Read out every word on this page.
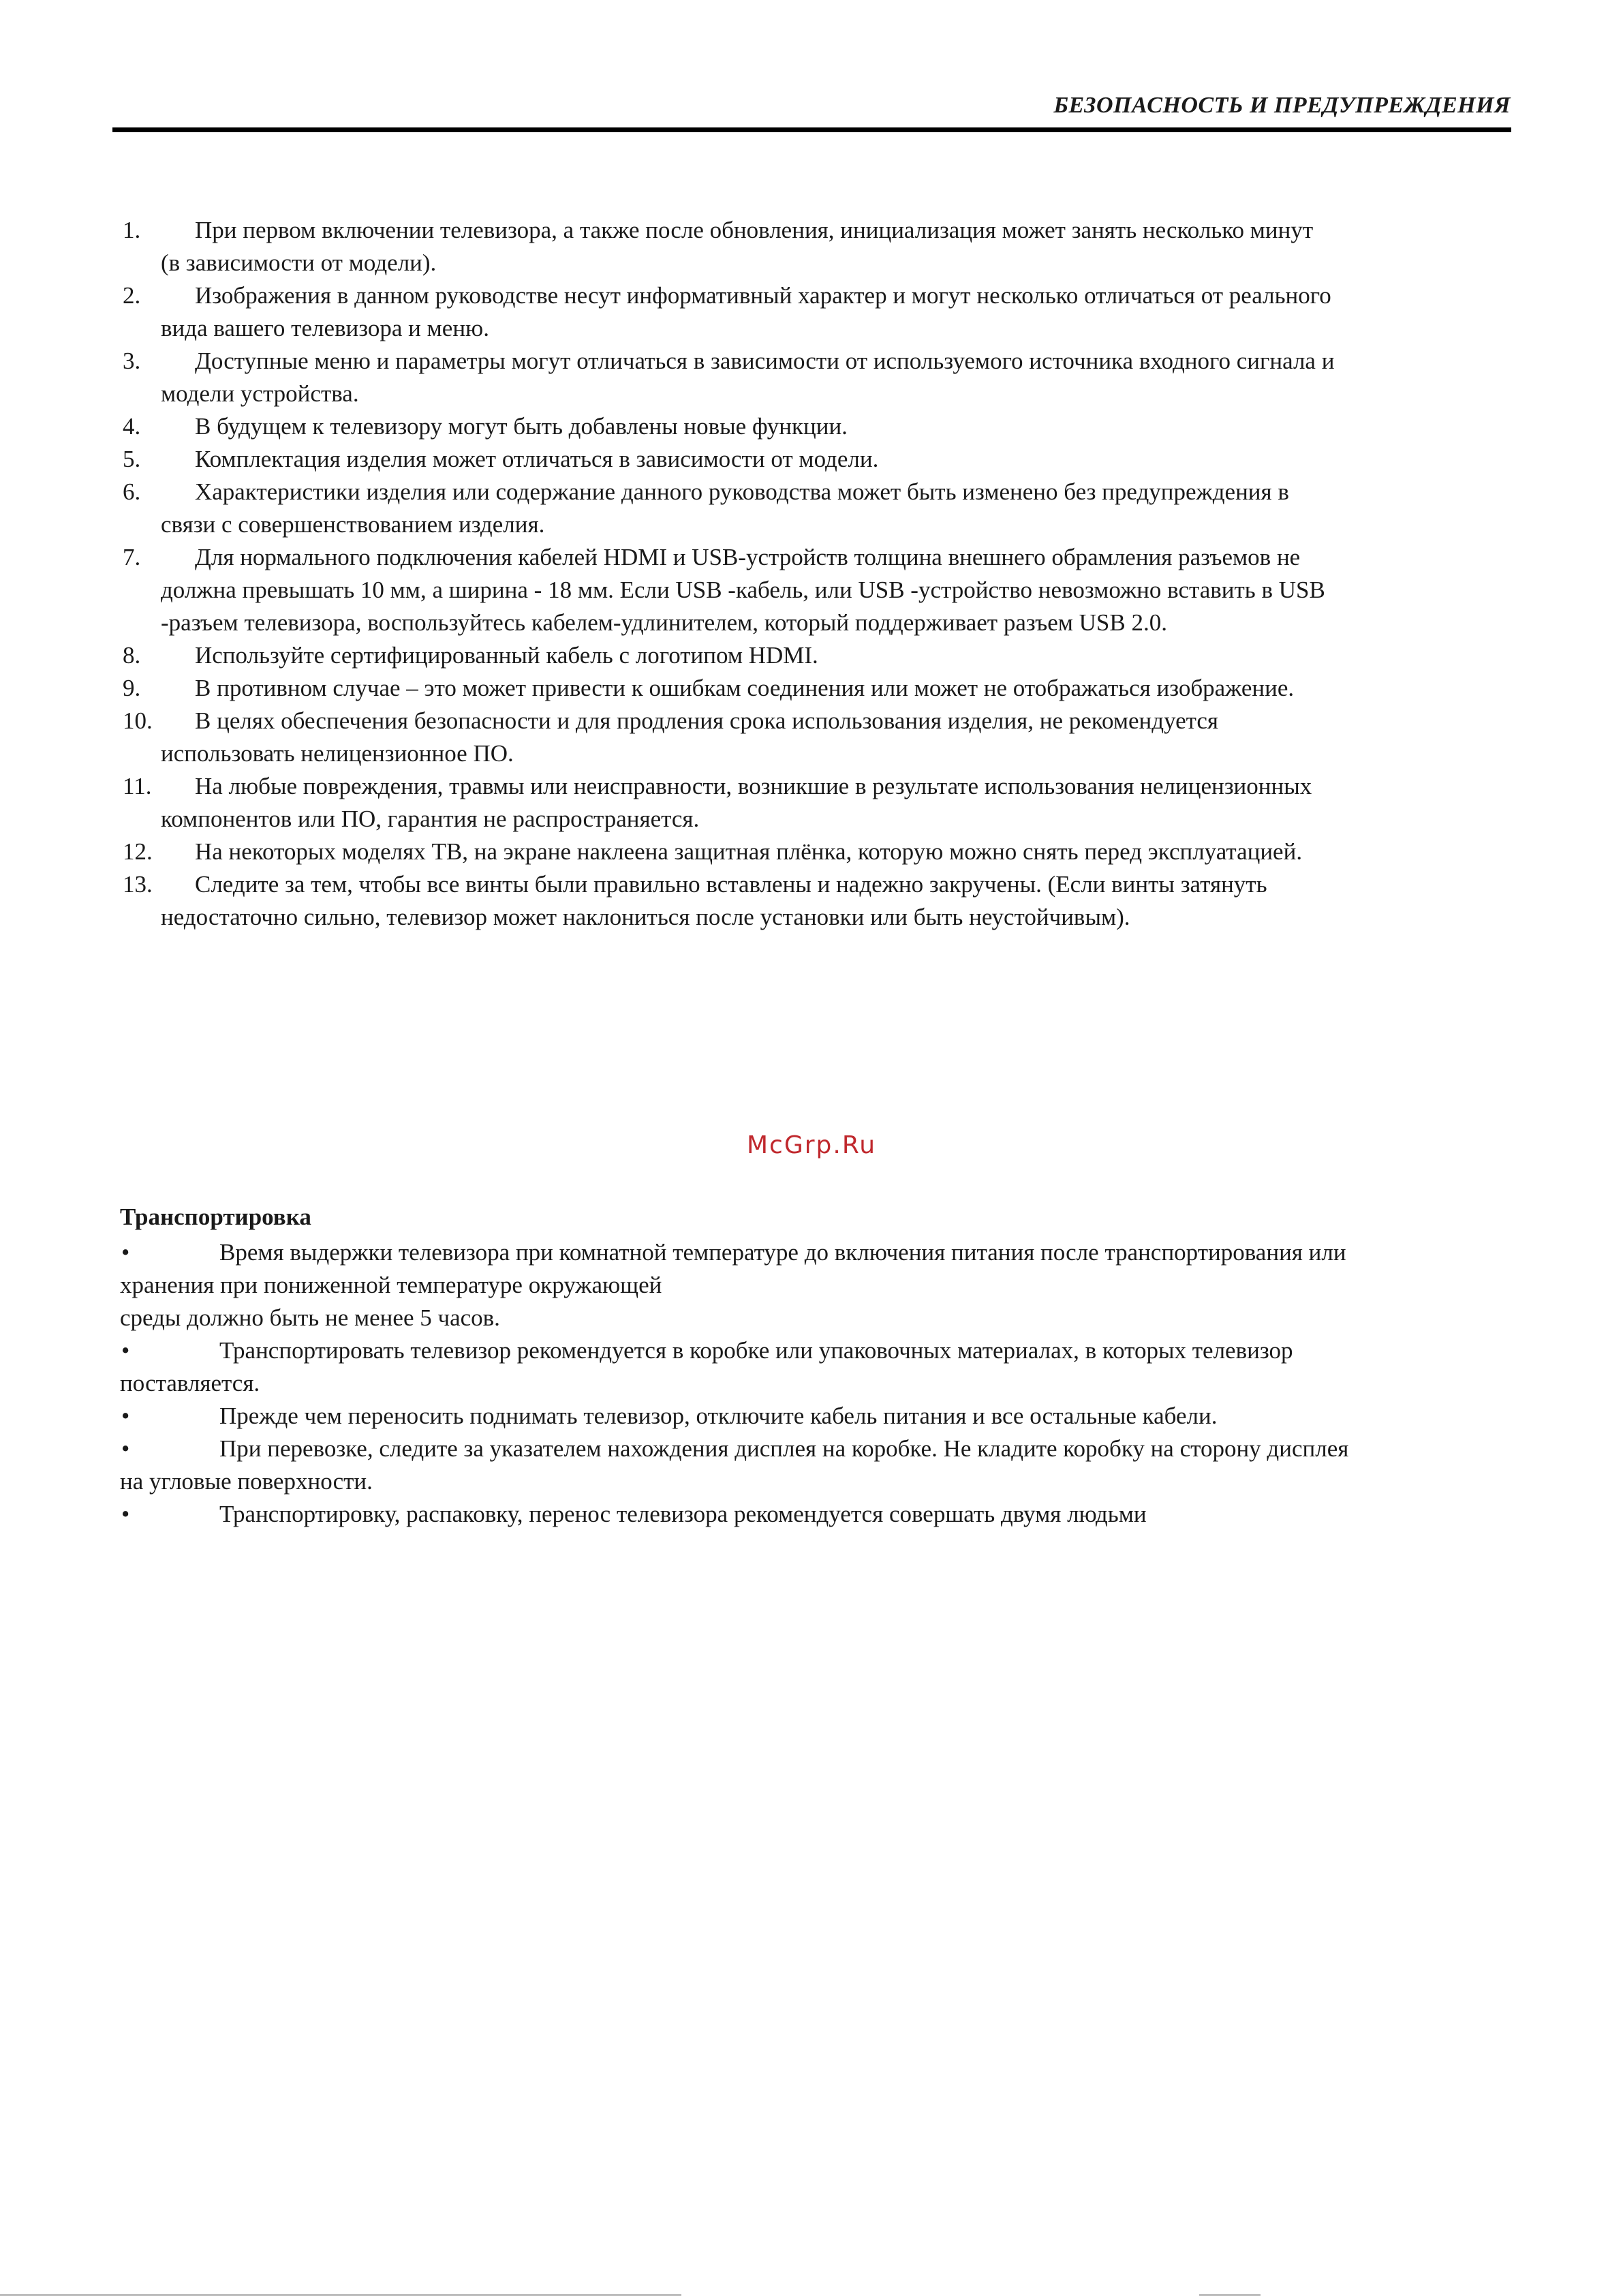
БЕЗОПАСНОСТЬ И ПРЕДУПРЕЖДЕНИЯ
1.	При первом включении телевизора, а также после обновления, инициализация может занять несколько минут
(в зависимости от модели).
2.	Изображения в данном руководстве несут информативный характер и могут несколько отличаться от реального
вида вашего телевизора и меню.
3.	Доступные меню и параметры могут отличаться в зависимости от используемого источника входного сигнала и
модели устройства.
4.	В будущем к телевизору могут быть добавлены новые функции.
5.	Комплектация изделия может отличаться в зависимости от модели.
6.	Характеристики изделия или содержание данного руководства может быть изменено без предупреждения в
связи с совершенствованием изделия.
7.	Для нормального подключения кабелей HDMI и USB-устройств толщина внешнего обрамления разъемов не
должна превышать 10 мм, а ширина - 18 мм. Если USB -кабель, или USB -устройство невозможно вставить в USB
-разъем телевизора, воспользуйтесь кабелем-удлинителем, который поддерживает разъем USB 2.0.
8.	Используйте сертифицированный кабель с логотипом HDMI.
9.	В противном случае – это может привести к ошибкам соединения или может не отображаться изображение.
10.	В целях обеспечения безопасности и для продления срока использования изделия, не рекомендуется
использовать нелицензионное ПО.
11.	На любые повреждения, травмы или неисправности, возникшие в результате использования нелицензионных
компонентов или ПО, гарантия не распространяется.
12.	На некоторых моделях ТВ, на экране наклеена защитная плёнка, которую можно снять перед эксплуатацией.
13.	Следите за тем, чтобы все винты были правильно вставлены и надежно закручены. (Если винты затянуть
недостаточно сильно, телевизор может наклониться после установки или быть неустойчивым).
McGrp.Ru
Транспортировка
•	Время выдержки телевизора при комнатной температуре до включения питания после транспортирования или
хранения при пониженной температуре окружающей
среды должно быть не менее 5 часов.
•	Транспортировать телевизор рекомендуется в коробке или упаковочных материалах, в которых телевизор
поставляется.
•	Прежде чем переносить поднимать телевизор, отключите кабель питания и все остальные кабели.
•	При перевозке, следите за указателем нахождения дисплея на коробке. Не кладите коробку на сторону дисплея
на угловые поверхности.
•	Транспортировку, распаковку, перенос телевизора рекомендуется совершать двумя людьми
